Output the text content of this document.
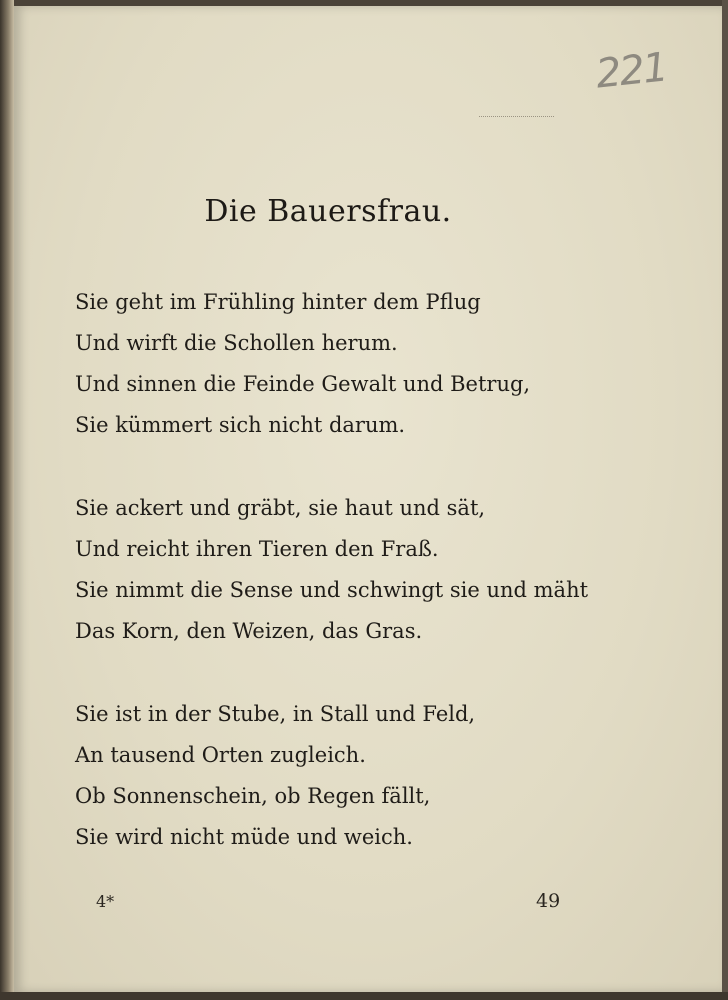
221
Die Bauersfrau.
Sie geht im Frühling hinter dem Pflug
Und wirft die Schollen herum.
Und sinnen die Feinde Gewalt und Betrug,
Sie kümmert sich nicht darum.
Sie ackert und gräbt, sie haut und sät,
Und reicht ihren Tieren den Fraß.
Sie nimmt die Sense und schwingt sie und mäht
Das Korn, den Weizen, das Gras.
Sie ist in der Stube, in Stall und Feld,
An tausend Orten zugleich.
Ob Sonnenschein, ob Regen fällt,
Sie wird nicht müde und weich.
4*	49
